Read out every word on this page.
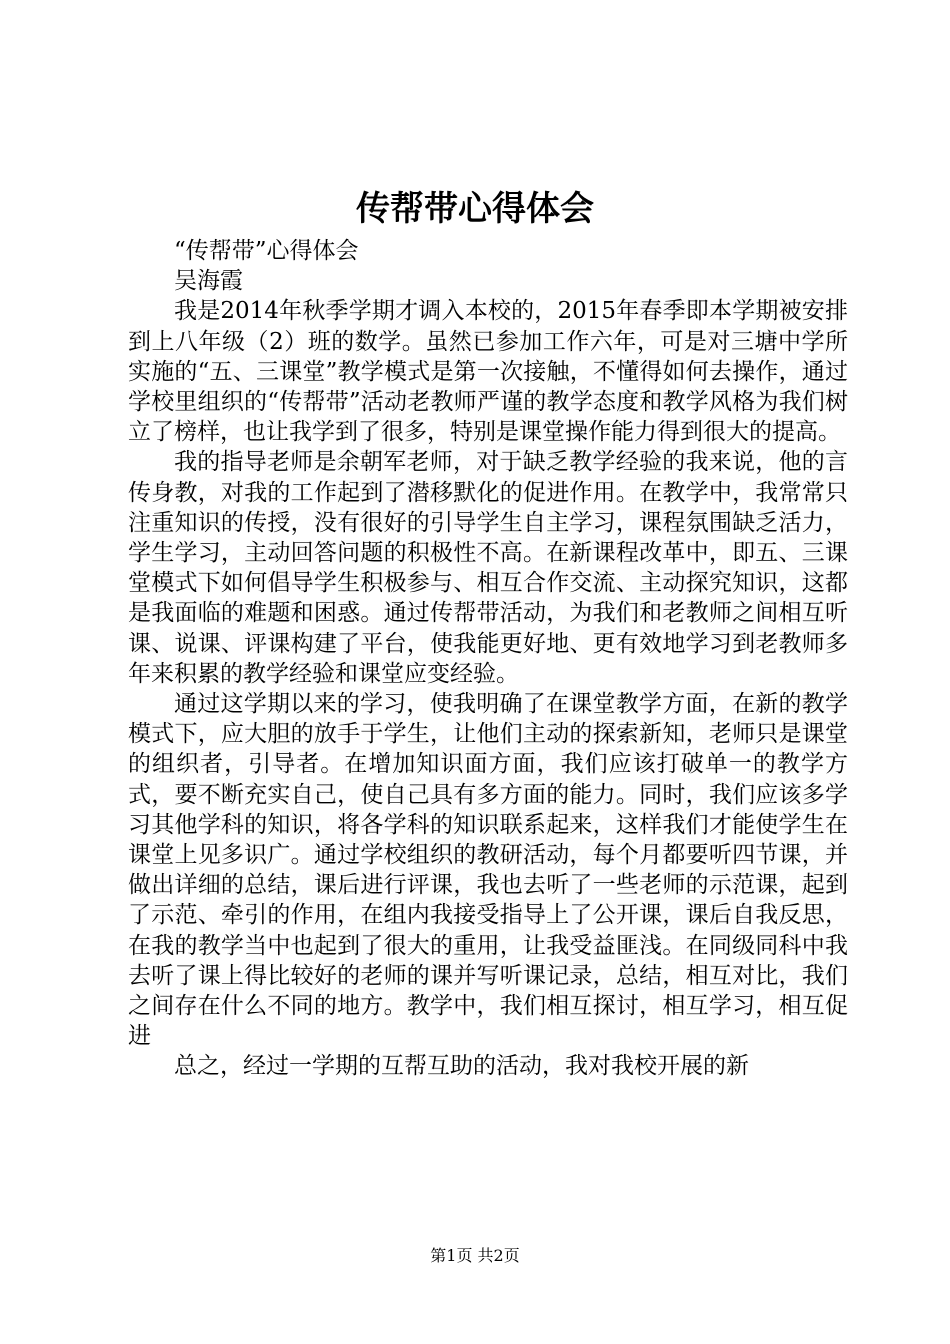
传帮带心得体会

“传帮带”心得体会

吴海霞

我是2014年秋季学期才调入本校的，2015年春季即本学期被安排到上八年级（2）班的数学。虽然已参加工作六年，可是对三塘中学所实施的“五、三课堂”教学模式是第一次接触，不懂得如何去操作，通过学校里组织的“传帮带”活动老教师严谨的教学态度和教学风格为我们树立了榜样，也让我学到了很多，特别是课堂操作能力得到很大的提高。

我的指导老师是余朝军老师，对于缺乏教学经验的我来说，他的言传身教，对我的工作起到了潜移默化的促进作用。在教学中，我常常只注重知识的传授，没有很好的引导学生自主学习，课程氛围缺乏活力，学生学习，主动回答问题的积极性不高。在新课程改革中，即五、三课堂模式下如何倡导学生积极参与、相互合作交流、主动探究知识，这都是我面临的难题和困惑。通过传帮带活动，为我们和老教师之间相互听课、说课、评课构建了平台，使我能更好地、更有效地学习到老教师多年来积累的教学经验和课堂应变经验。

通过这学期以来的学习，使我明确了在课堂教学方面，在新的教学模式下，应大胆的放手于学生，让他们主动的探索新知，老师只是课堂的组织者，引导者。在增加知识面方面，我们应该打破单一的教学方式，要不断充实自己，使自己具有多方面的能力。同时，我们应该多学习其他学科的知识，将各学科的知识联系起来，这样我们才能使学生在课堂上见多识广。通过学校组织的教研活动，每个月都要听四节课，并做出详细的总结，课后进行评课，我也去听了一些老师的示范课，起到了示范、牵引的作用，在组内我接受指导上了公开课，课后自我反思，在我的教学当中也起到了很大的重用，让我受益匪浅。在同级同科中我去听了课上得比较好的老师的课并写听课记录，总结，相互对比，我们之间存在什么不同的地方。教学中，我们相互探讨，相互学习，相互促进

总之，经过一学期的互帮互助的活动，我对我校开展的新

第1页 共2页
